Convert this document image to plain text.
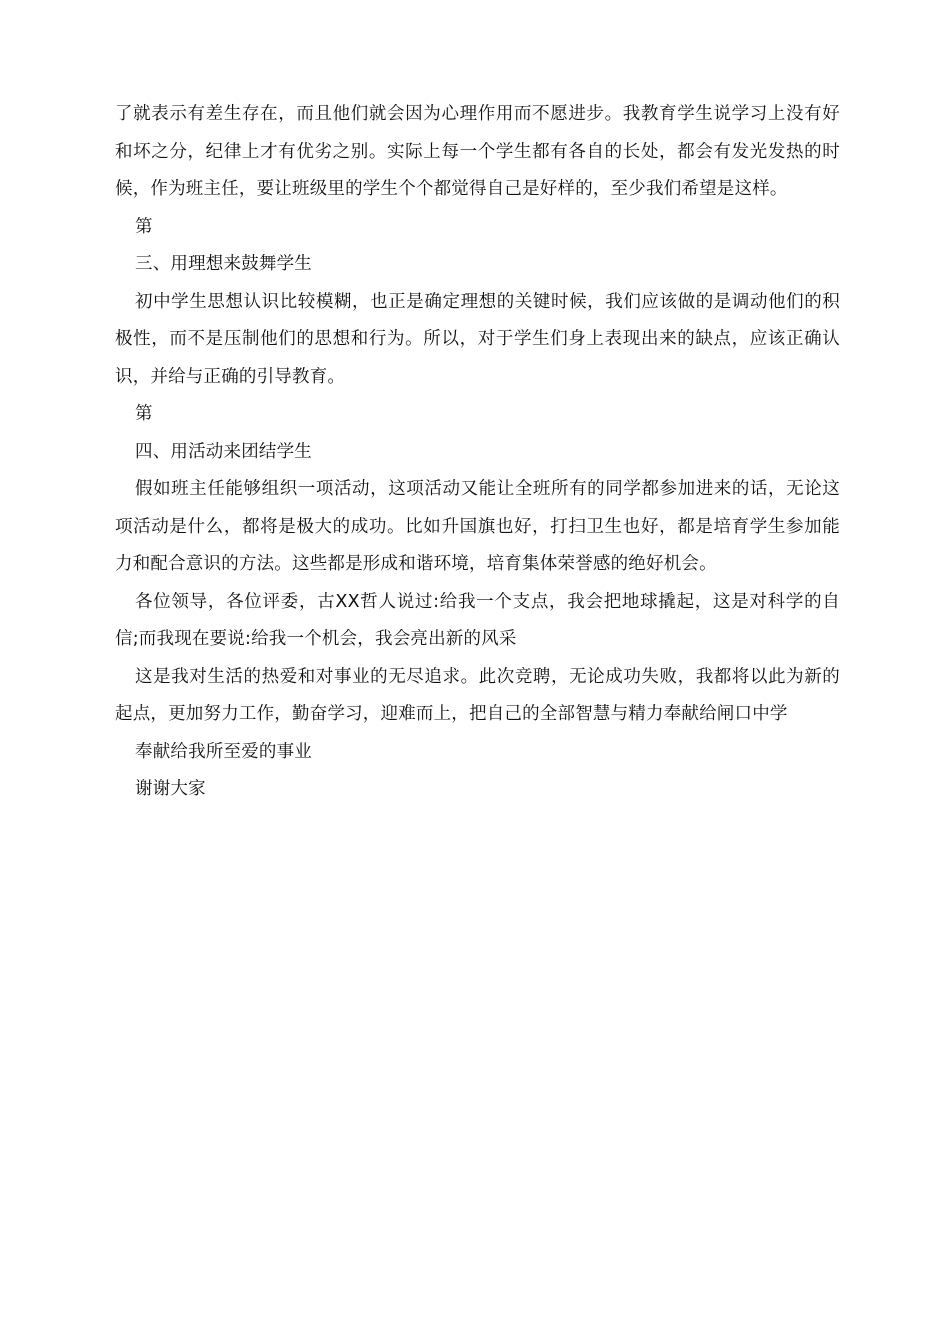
了就表示有差生存在，而且他们就会因为心理作用而不愿进步。我教育学生说学习上没有好和坏之分，纪律上才有优劣之别。实际上每一个学生都有各自的长处，都会有发光发热的时候，作为班主任，要让班级里的学生个个都觉得自己是好样的，至少我们希望是这样。

第

三、用理想来鼓舞学生

初中学生思想认识比较模糊，也正是确定理想的关键时候，我们应该做的是调动他们的积极性，而不是压制他们的思想和行为。所以，对于学生们身上表现出来的缺点，应该正确认识，并给与正确的引导教育。

第

四、用活动来团结学生

假如班主任能够组织一项活动，这项活动又能让全班所有的同学都参加进来的话，无论这项活动是什么，都将是极大的成功。比如升国旗也好，打扫卫生也好，都是培育学生参加能力和配合意识的方法。这些都是形成和谐环境，培育集体荣誉感的绝好机会。

各位领导，各位评委，古XX哲人说过:给我一个支点，我会把地球撬起，这是对科学的自信;而我现在要说:给我一个机会，我会亮出新的风采

这是我对生活的热爱和对事业的无尽追求。此次竞聘，无论成功失败，我都将以此为新的起点，更加努力工作，勤奋学习，迎难而上，把自己的全部智慧与精力奉献给闸口中学

奉献给我所至爱的事业

谢谢大家
